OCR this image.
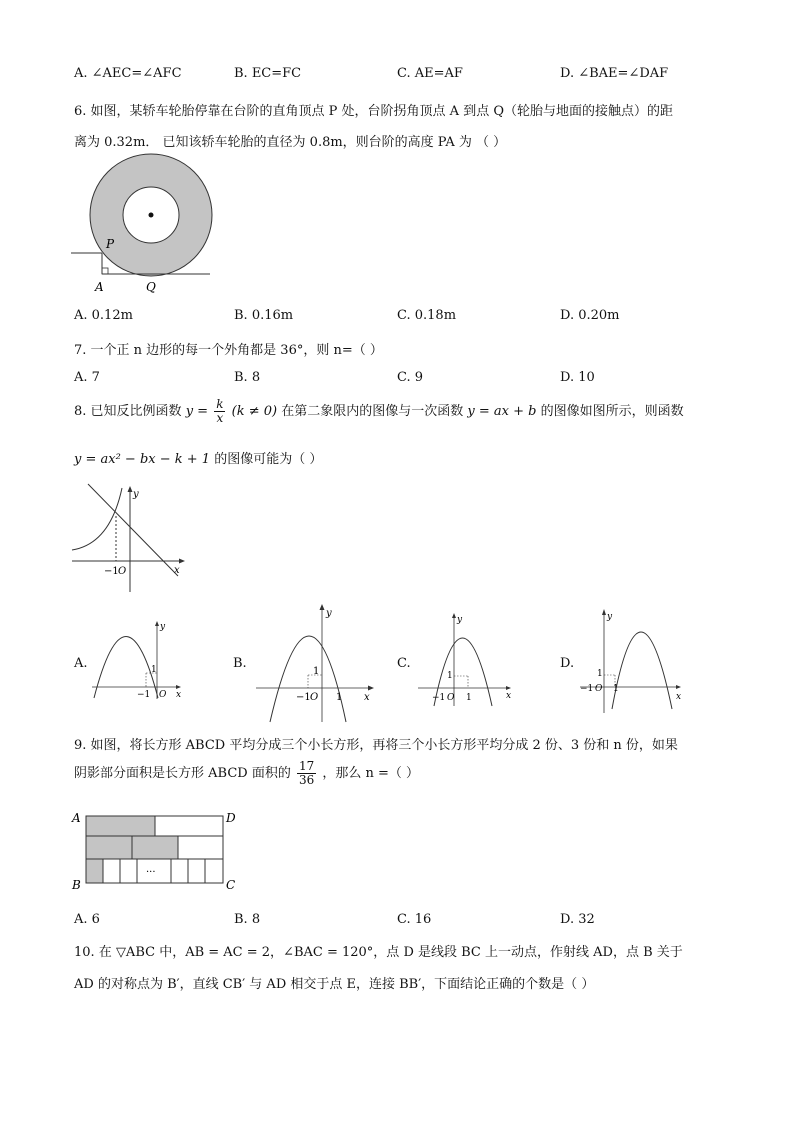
A. ∠AEC=∠AFC	B. EC=FC	C. AE=AF	D. ∠BAE=∠DAF
6. 如图，某轿车轮胎停靠在台阶的直角顶点 P 处，台阶拐角顶点 A 到点 Q（轮胎与地面的接触点）的距
离为 0.32m． 已知该轿车轮胎的直径为 0.8m，则台阶的高度 PA 为 （ ）
P
A	Q
A. 0.12m	B. 0.16m	C. 0.18m	D. 0.20m
7. 一个正 n 边形的每一个外角都是 36°，则 n=（ ）
A. 7	B. 8	C. 9	D. 10
8. 已知反比例函数 $y = \frac{k}{x} (k \ne 0)$ 在第二象限内的图像与一次函数 y = ax + b 的图像如图所示，则函数
y = ax² − bx − k + 1 的图像可能为（ ）
y
x
−1 O
A.
y
x
1
−1 O
B.
y
x
1
−1 O 1
C.
y
x
1
−1 O 1
D.
y
x
1
−1 O 1
9. 如图，将长方形 ABCD 平均分成三个小长方形，再将三个小长方形平均分成 2 份、3 份和 n 份，如果
阴影部分面积是长方形 ABCD 面积的 $\frac{17}{36}$ ，那么 n =（ ）
···
A	D
B	C
A. 6	B. 8	C. 16	D. 32
10. 在 ▽ABC 中，AB = AC = 2，∠BAC = 120°，点 D 是线段 BC 上一动点，作射线 AD，点 B 关于
AD 的对称点为 B′，直线 CB′ 与 AD 相交于点 E，连接 BB′，下面结论正确的个数是（ ）
